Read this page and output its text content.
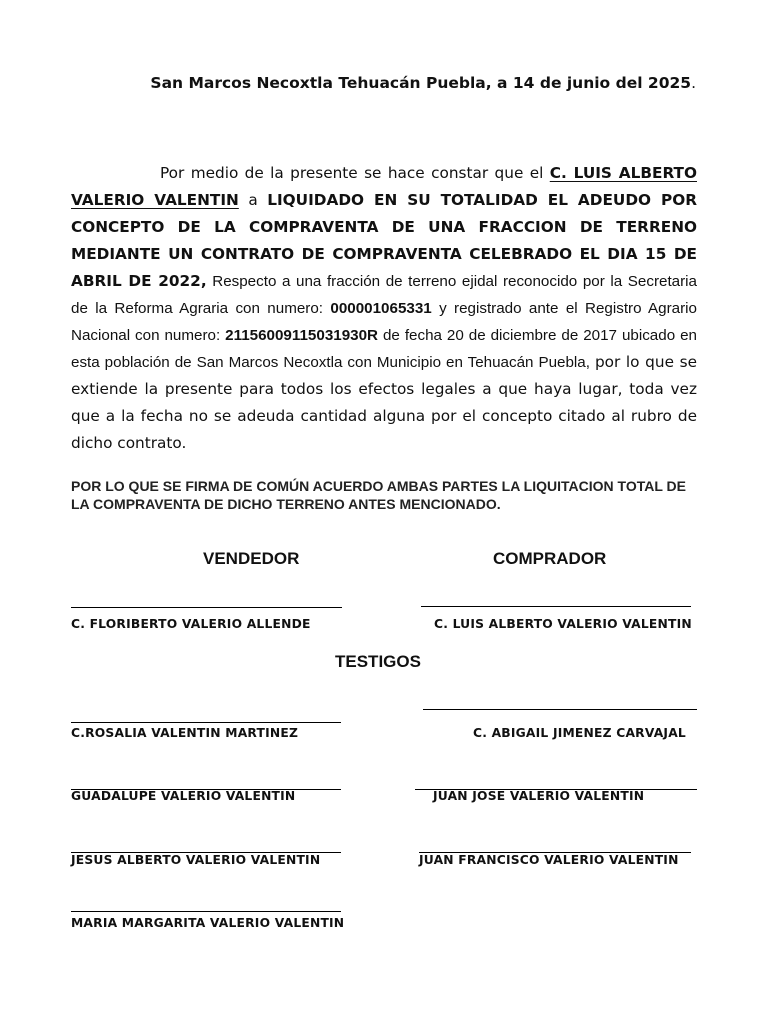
San Marcos Necoxtla Tehuacán Puebla, a 14 de junio del 2025.

Por medio de la presente se hace constar que el C. LUIS ALBERTO VALERIO VALENTIN a LIQUIDADO EN SU TOTALIDAD EL ADEUDO POR CONCEPTO DE LA COMPRAVENTA DE UNA FRACCION DE TERRENO MEDIANTE UN CONTRATO DE COMPRAVENTA CELEBRADO EL DIA 15 DE ABRIL DE 2022, Respecto a una fracción de terreno ejidal reconocido por la Secretaria de la Reforma Agraria con numero: 000001065331 y registrado ante el Registro Agrario Nacional con numero: 21156009115031930R de fecha 20 de diciembre de 2017 ubicado en esta población de San Marcos Necoxtla con Municipio en Tehuacán Puebla, por lo que se extiende la presente para todos los efectos legales a que haya lugar, toda vez que a la fecha no se adeuda cantidad alguna por el concepto citado al rubro de dicho contrato.

POR LO QUE SE FIRMA DE COMÚN ACUERDO AMBAS PARTES LA LIQUITACION TOTAL DE LA COMPRAVENTA DE DICHO TERRENO ANTES MENCIONADO.

VENDEDOR	COMPRADOR
C. FLORIBERTO VALERIO ALLENDE	C. LUIS ALBERTO VALERIO VALENTIN
TESTIGOS
C.ROSALIA VALENTIN MARTINEZ	C. ABIGAIL JIMENEZ CARVAJAL
GUADALUPE VALERIO VALENTIN	JUAN JOSE VALERIO VALENTIN
JESUS ALBERTO VALERIO VALENTIN	JUAN FRANCISCO VALERIO VALENTIN
MARIA MARGARITA VALERIO VALENTIN
